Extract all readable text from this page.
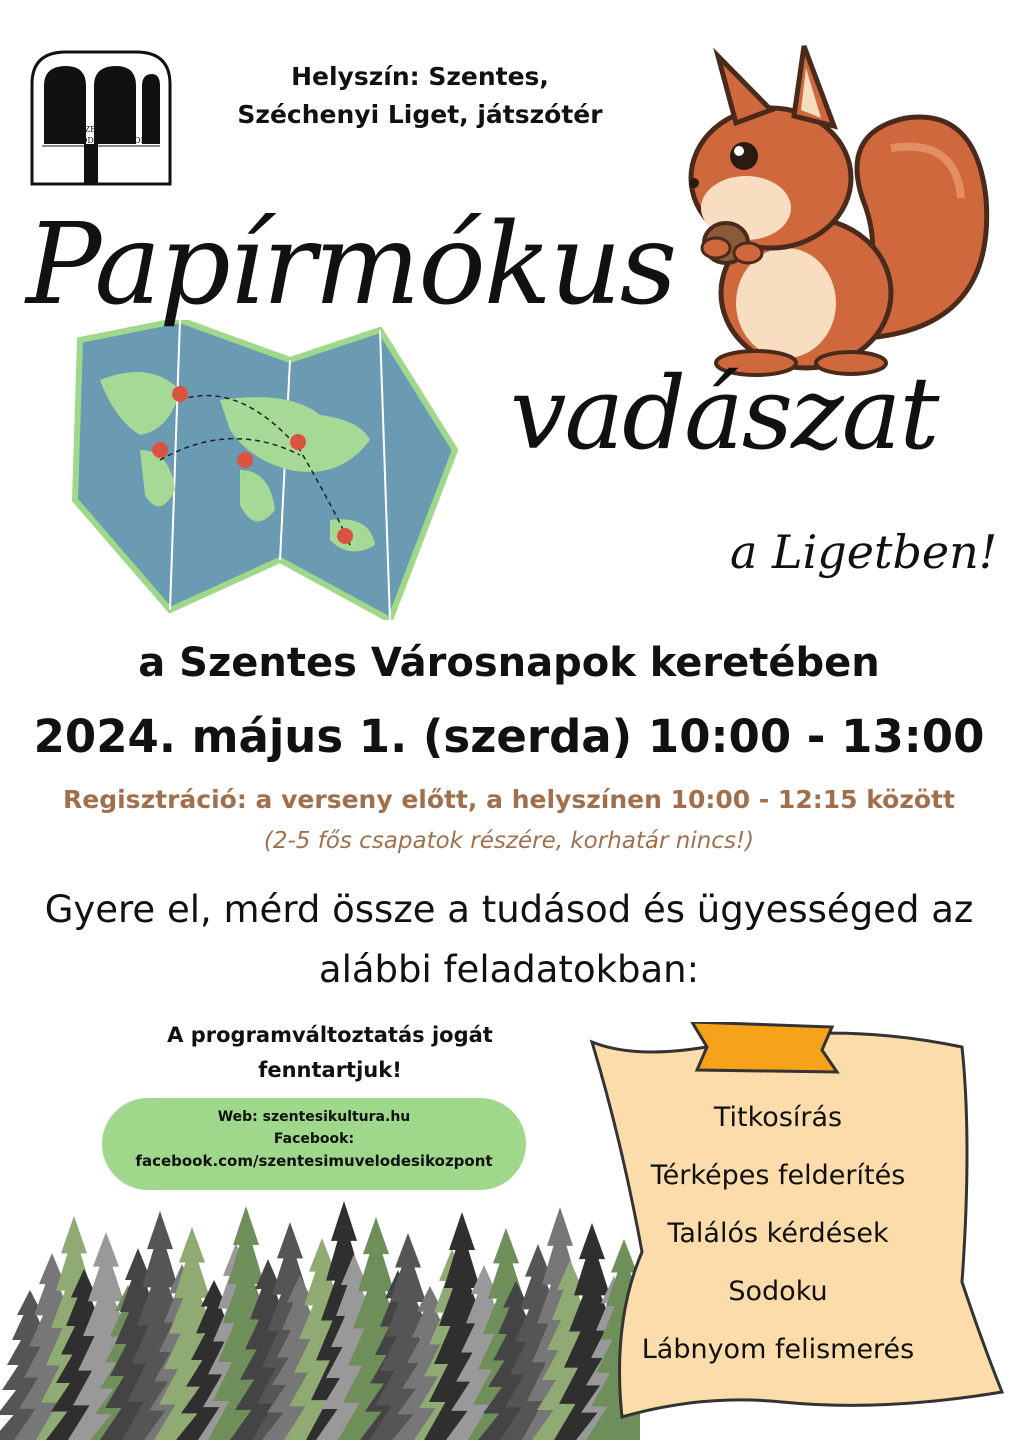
SZENTESI
MŰVELŐDÉSI KÖZPONT
Helyszín: Szentes,
Széchenyi Liget, játszótér
Papírmókus
vadászat
a Ligetben!
a Szentes Városnapok keretében
2024. május 1. (szerda) 10:00 - 13:00
Regisztráció: a verseny előtt, a helyszínen 10:00 - 12:15 között
(2-5 fős csapatok részére, korhatár nincs!)
Gyere el, mérd össze a tudásod és ügyességed az
alábbi feladatokban:
A programváltoztatás jogát
fenntartjuk!
Web: szentesikultura.hu
Facebook:
facebook.com/szentesimuvelodesikozpont
Titkosírás
Térképes felderítés
Találós kérdések
Sodoku
Lábnyom felismerés
